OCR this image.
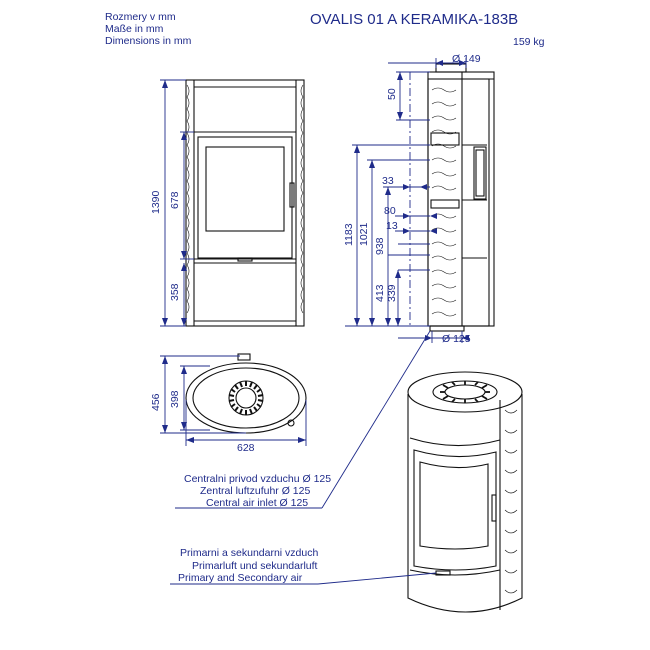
Rozmery v mm
Maße in mm
Dimensions in mm
OVALIS 01 A KERAMIKA-183B
159 kg
1390 678
358
Ø 149
50
1183 1021
938
33
80
13
413 339
Ø 125
456 398
628
Centralni privod vzduchu Ø 125
Zentral luftzufuhr Ø 125
Central air inlet Ø 125
Primarni a sekundarni vzduch
Primarluft und sekundarluft
Primary and Secondary air
